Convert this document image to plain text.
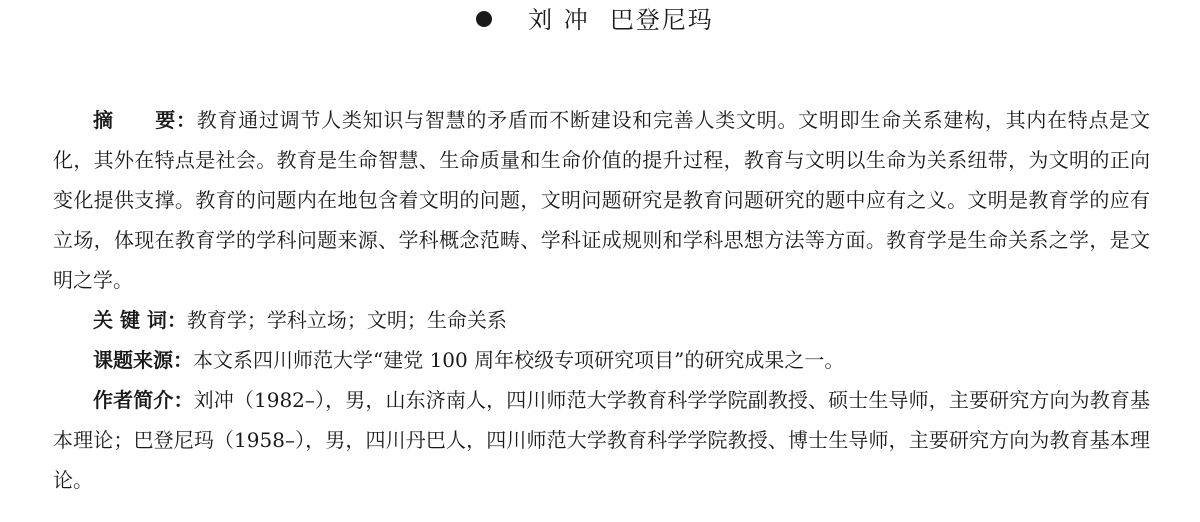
刘 冲 巴登尼玛

摘　　要：教育通过调节人类知识与智慧的矛盾而不断建设和完善人类文明。文明即生命关系建构，其内在特点是文化，其外在特点是社会。教育是生命智慧、生命质量和生命价值的提升过程，教育与文明以生命为关系纽带，为文明的正向变化提供支撑。教育的问题内在地包含着文明的问题，文明问题研究是教育问题研究的题中应有之义。文明是教育学的应有立场，体现在教育学的学科问题来源、学科概念范畴、学科证成规则和学科思想方法等方面。教育学是生命关系之学，是文明之学。

关 键 词：教育学；学科立场；文明；生命关系

课题来源：本文系四川师范大学“建党 100 周年校级专项研究项目”的研究成果之一。

作者简介：刘冲（1982–），男，山东济南人，四川师范大学教育科学学院副教授、硕士生导师，主要研究方向为教育基本理论；巴登尼玛（1958–），男，四川丹巴人，四川师范大学教育科学学院教授、博士生导师，主要研究方向为教育基本理论。
